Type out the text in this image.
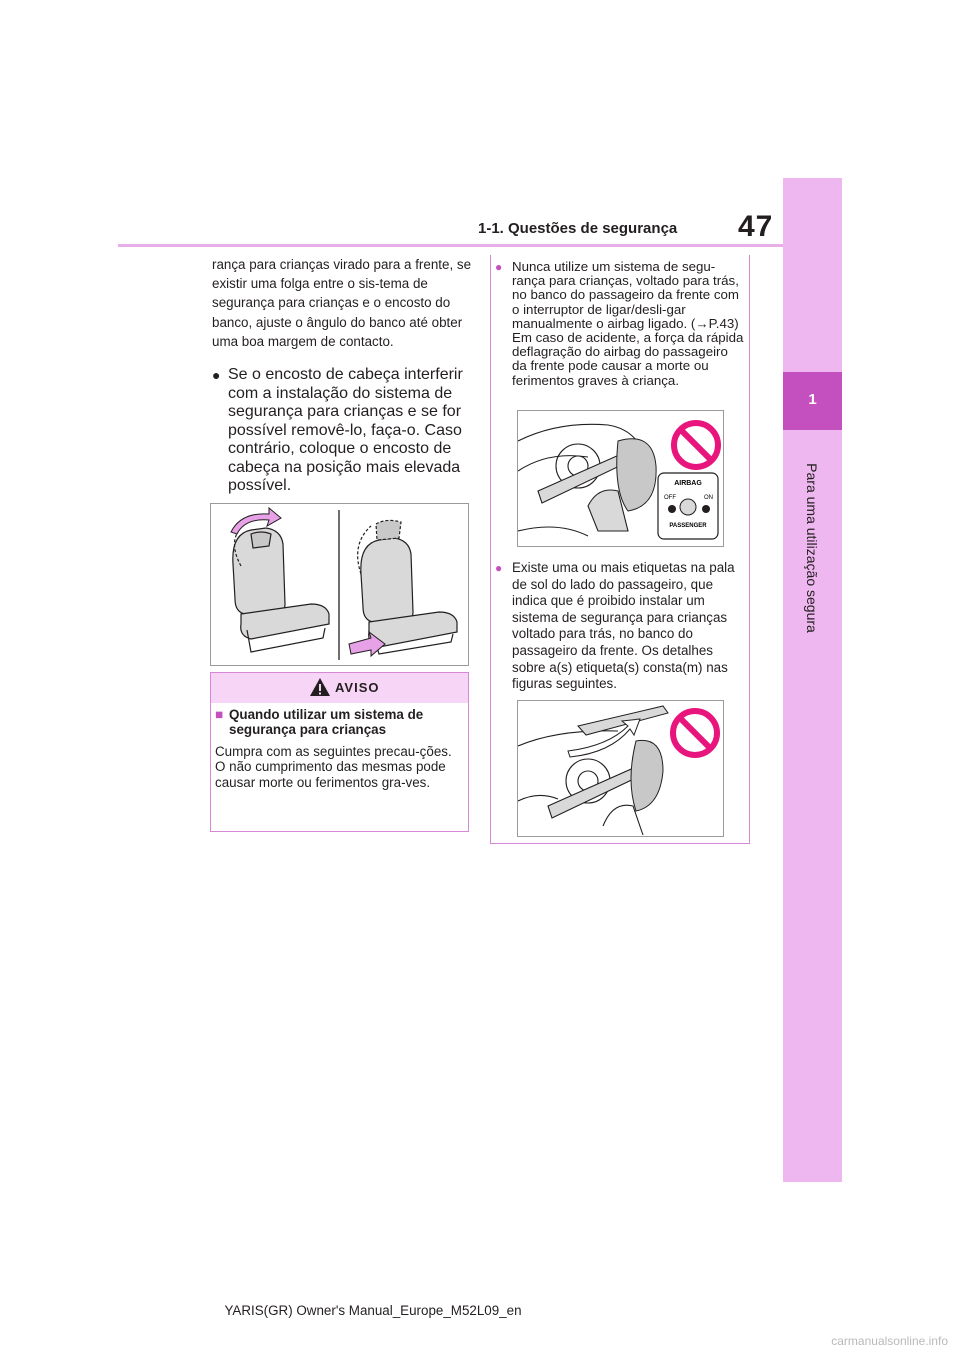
47
1-1. Questões de segurança
1
Para uma utilização segura
rança para crianças virado para a frente, se existir uma folga entre o sis-tema de segurança para crianças e o encosto do banco, ajuste o ângulo do banco até obter uma boa margem de contacto.
● Se o encosto de cabeça interferir com a instalação do sistema de segurança para crianças e se for possível removê-lo, faça-o. Caso contrário, coloque o encosto de cabeça na posição mais elevada possível.
AVISO
■ Quando utilizar um sistema de segurança para crianças
Cumpra com as seguintes precau-ções. O não cumprimento das mesmas pode causar morte ou ferimentos gra-ves.
● Nunca utilize um sistema de segu-rança para crianças, voltado para trás, no banco do passageiro da frente com o interruptor de ligar/desli-gar manualmente o airbag ligado. (→P.43) Em caso de acidente, a força da rápida deflagração do airbag do passageiro da frente pode causar a morte ou ferimentos graves à criança.
AIRBAG
OFF	ON
PASSENGER
● Existe uma ou mais etiquetas na pala de sol do lado do passageiro, que indica que é proibido instalar um sistema de segurança para crianças voltado para trás, no banco do passageiro da frente. Os detalhes sobre a(s) etiqueta(s) consta(m) nas figuras seguintes.
YARIS(GR) Owner's Manual_Europe_M52L09_en
carmanualsonline.info
